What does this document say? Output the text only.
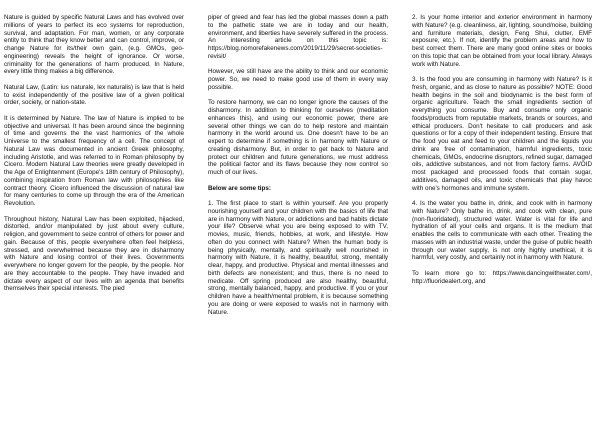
Nature is guided by specific Natural Laws and has evolved over millions of years to perfect its eco systems for reproduction, survival, and adaptation. For man, women, or any corporate entity to think that they know better and can control, improve, or change Nature for its/their own gain, (e.g. GMOs, geo-engineering) reveals the height of ignorance. Or worse, criminality for the generations of harm produced. In Nature, every little thing makes a big difference.

Natural Law, (Latin: ius naturale, lex naturalis) is law that is held to exist independently of the positive law of a given political order, society, or nation-state.

It is determined by Nature. The law of Nature is implied to be objective and universal. It has been around since the beginning of time and governs the the vast harmonics of the whole Universe to the smallest frequency of a cell. The concept of Natural Law was documented in ancient Greek philosophy, including Aristotle, and was referred to in Roman philosophy by Cicero. Modern Natural Law theories were greatly developed in the Age of Enlightenment (Europe's 18th century of Philosophy), combining inspiration from Roman law with philosophies like contract theory. Cicero influenced the discussion of natural law for many centuries to come up through the era of the American Revolution.

Throughout history, Natural Law has been exploited, hijacked, distorted, and/or manipulated by just about every culture, religion, and government to seize control of others for power and gain. Because of this, people everywhere often feel helpless, stressed, and overwhelmed because they are in disharmony with Nature and losing control of their lives. Governments everywhere no longer govern for the people, by the people. Nor are they accountable to the people. They have invaded and dictate every aspect of our lives with an agenda that benefits themselves their special interests. The pied

piper of greed and fear has led the global masses down a path to the pathetic state we are in today and our health, environment, and liberties have severely suffered in the process. An interesting article on this topic is: https://blog.nomorefakenews.com/2019/11/29/secret-societies-revisit/

However, we still have are the ability to think and our economic power. So, we need to make good use of them in every way possible.

To restore harmony, we can no longer ignore the causes of the disharmony. In addition to thinking for ourselves (meditation enhances this), and using our economic power, there are several other things we can do to help restore and maintain harmony in the world around us. One doesn't have to be an expert to determine if something is in harmony with Nature or creating disharmony. But, in order to get back to Nature and protect our children and future generations, we must address the political factor and its flaws because they now control so much of our lives.

Below are some tips:

1. The first place to start is within yourself. Are you properly nourishing yourself and your children with the basics of life that are in harmony with Nature, or addictions and bad habits dictate your life? Observe what you are being exposed to with TV, movies, music, friends, hobbies, at work, and lifestyle. How often do you connect with Nature? When the human body is being physically, mentally, and spiritually well nourished in harmony with Nature, it is healthy, beautiful, strong, mentally clear, happy, and productive. Physical and mental illnesses and birth defects are nonexistent; and thus, there is no need to medicate. Off spring produced are also healthy, beautiful, strong, mentally balanced, happy, and productive. If you or your children have a health/mental problem, it is because something you are doing or were exposed to was/is not in harmony with Nature.

2. Is your home interior and exterior environment in harmony with Nature? (e.g. cleanliness, air, lighting, sound/noise, building and furniture materials, design, Feng Shui, clutter, EMF exposure, etc.). If not, identify the problem areas and how to best correct them. There are many good online sites or books on this topic that can be obtained from your local library. Always work with Nature.

3. Is the food you are consuming in harmony with Nature? Is it fresh, organic, and as close to nature as possible? NOTE: Good health begins in the soil and biodynamic is the best form of organic agriculture. Teach the small ingredients section of everything you consume. Buy and consume only organic foods/products from reputable markets, brands or sources, and ethical producers. Don't hesitate to call producers and ask questions or for a copy of their independent testing. Ensure that the food you eat and feed to your children and the liquids you drink are free of contamination, harmful ingredients, toxic chemicals, GMOs, endocrine disruptors, refined sugar, damaged oils, addictive substances, and not from factory farms. AVOID most packaged and processed foods that contain sugar, additives, damaged oils, and toxic chemicals that play havoc with one's hormones and immune system.

4. Is the water you bathe in, drink, and cook with in harmony with Nature? Only bathe in, drink, and cook with clean, pure (non-fluoridated), structured water. Water is vital for life and hydration of all your cells and organs. It is the medium that enables the cells to communicate with each other. Treating the masses with an industrial waste, under the guise of public health through our water supply, is not only highly unethical, it is harmful, very costly, and certainly not in harmony with Nature.

To learn more go to: https://www.dancingwithwater.com/, http://fluoridealert.org, and
